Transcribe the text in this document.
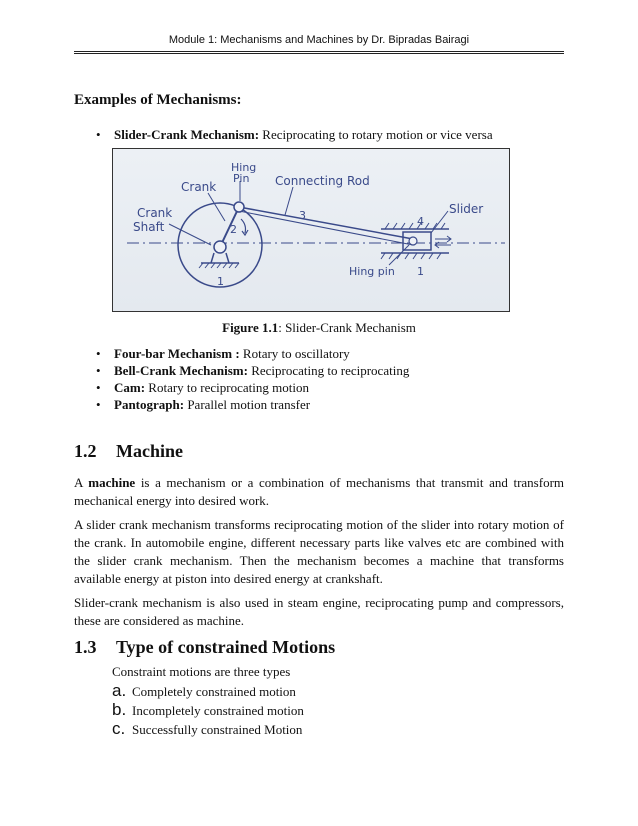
Module 1: Mechanisms and Machines by Dr. Bipradas Bairagi
Examples of Mechanisms:
• Slider-Crank Mechanism: Reciprocating to rotary motion or vice versa
Crank
Shaft
Crank
Hing
Pin Connecting Rod
Slider
Hing pin
1
2
3	4
1
Figure 1.1: Slider-Crank Mechanism
• Four-bar Mechanism : Rotary to oscillatory
• Bell-Crank Mechanism: Reciprocating to reciprocating
• Cam: Rotary to reciprocating motion
• Pantograph: Parallel motion transfer
1.2 Machine
A machine is a mechanism or a combination of mechanisms that transmit and transform mechanical energy into desired work.
A slider crank mechanism transforms reciprocating motion of the slider into rotary motion of the crank. In automobile engine, different necessary parts like valves etc are combined with the slider crank mechanism. Then the mechanism becomes a machine that transforms available energy at piston into desired energy at crankshaft.
Slider-crank mechanism is also used in steam engine, reciprocating pump and compressors, these are considered as machine.
1.3 Type of constrained Motions
Constraint motions are three types
a. Completely constrained motion
b. Incompletely constrained motion
c. Successfully constrained Motion
